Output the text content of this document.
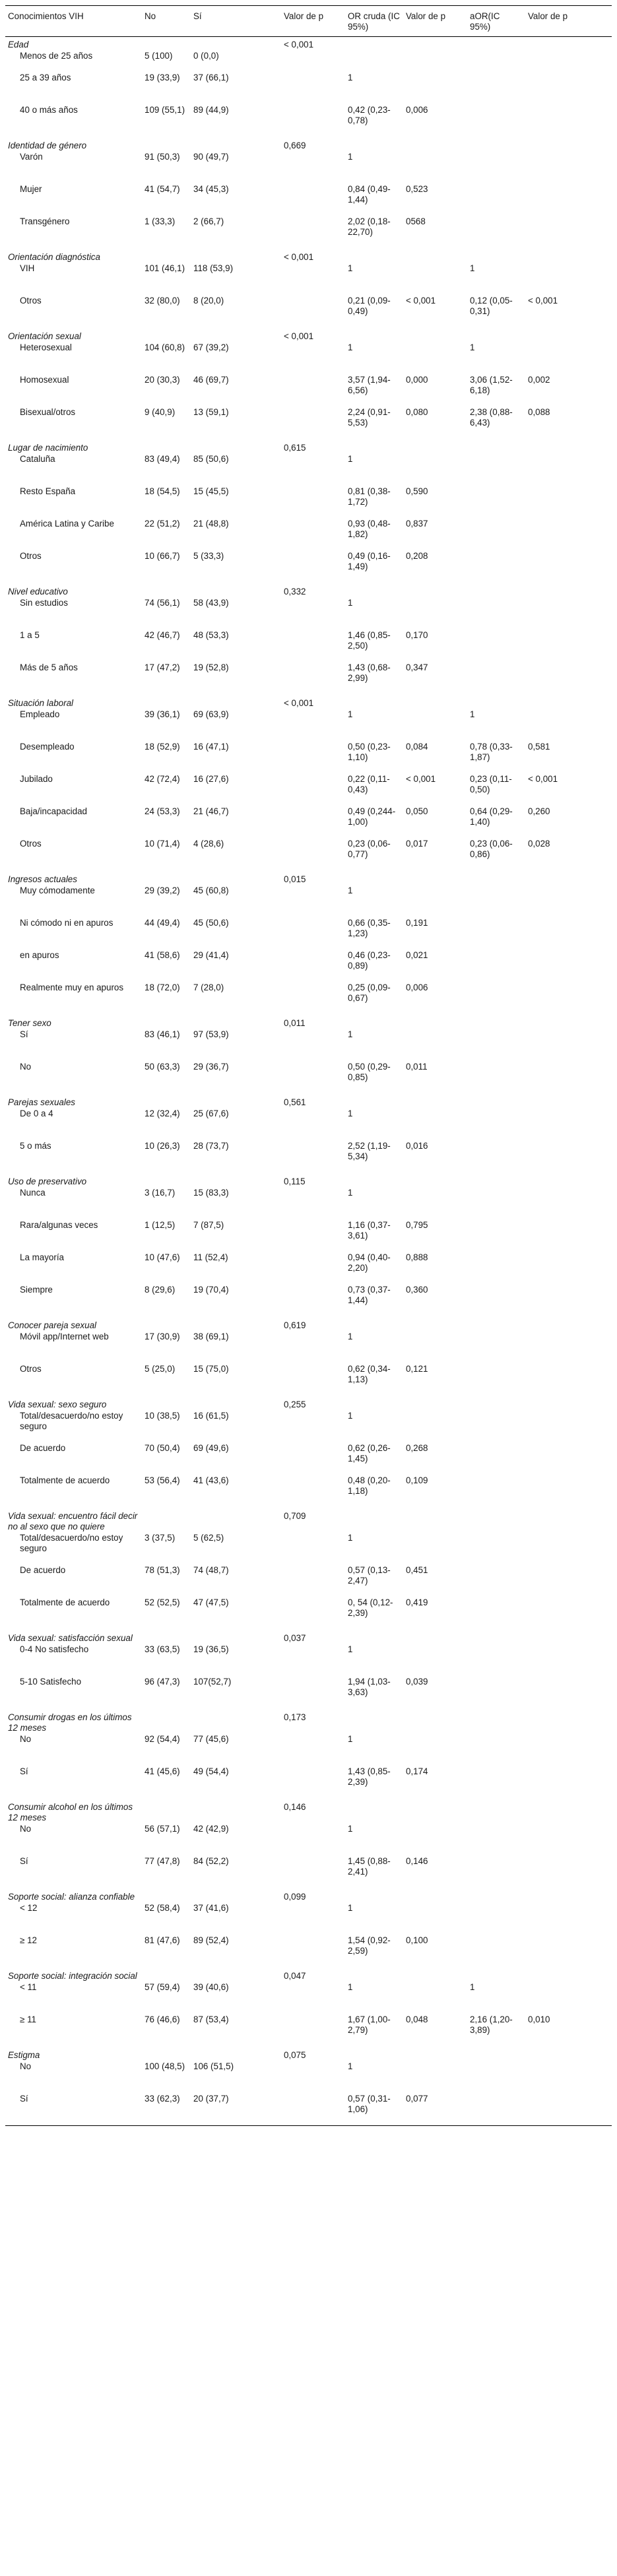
Conocimientos VIH	No	Sí	Valor de p	OR cruda (IC 95%)	Valor de p	aOR(IC 95%)	Valor de p
Edad			< 0,001				
Menos de 25 años	5 (100)	0 (0,0)					
25 a 39 años	19 (33,9)	37 (66,1)		1			
40 o más años	109 (55,1)	89 (44,9)		0,42 (0,23-0,78)	0,006		
Identidad de género			0,669				
Varón	91 (50,3)	90 (49,7)		1			
Mujer	41 (54,7)	34 (45,3)		0,84 (0,49-1,44)	0,523		
Transgénero	1 (33,3)	2 (66,7)		2,02 (0,18-22,70)	0568		
Orientación diagnóstica			< 0,001				
VIH	101 (46,1)	118 (53,9)		1		1	
Otros	32 (80,0)	8 (20,0)		0,21 (0,09-0,49)	< 0,001	0,12 (0,05-0,31)	< 0,001
Orientación sexual			< 0,001				
Heterosexual	104 (60,8)	67 (39,2)		1		1	
Homosexual	20 (30,3)	46 (69,7)		3,57 (1,94-6,56)	0,000	3,06 (1,52-6,18)	0,002
Bisexual/otros	9 (40,9)	13 (59,1)		2,24 (0,91-5,53)	0,080	2,38 (0,88-6,43)	0,088
Lugar de nacimiento			0,615				
Cataluña	83 (49,4)	85 (50,6)		1			
Resto España	18 (54,5)	15 (45,5)		0,81 (0,38-1,72)	0,590		
América Latina y Caribe	22 (51,2)	21 (48,8)		0,93 (0,48-1,82)	0,837		
Otros	10 (66,7)	5 (33,3)		0,49 (0,16-1,49)	0,208		
Nivel educativo			0,332				
Sin estudios	74 (56,1)	58 (43,9)		1			
1 a 5	42 (46,7)	48 (53,3)		1,46 (0,85-2,50)	0,170		
Más de 5 años	17 (47,2)	19 (52,8)		1,43 (0,68-2,99)	0,347		
Situación laboral			< 0,001				
Empleado	39 (36,1)	69 (63,9)		1		1	
Desempleado	18 (52,9)	16 (47,1)		0,50 (0,23-1,10)	0,084	0,78 (0,33-1,87)	0,581
Jubilado	42 (72,4)	16 (27,6)		0,22 (0,11-0,43)	< 0,001	0,23 (0,11-0,50)	< 0,001
Baja/incapacidad	24 (53,3)	21 (46,7)		0,49 (0,244-1,00)	0,050	0,64 (0,29-1,40)	0,260
Otros	10 (71,4)	4 (28,6)		0,23 (0,06-0,77)	0,017	0,23 (0,06-0,86)	0,028
Ingresos actuales			0,015				
Muy cómodamente	29 (39,2)	45 (60,8)		1			
Ni cómodo ni en apuros	44 (49,4)	45 (50,6)		0,66 (0,35-1,23)	0,191		
en apuros	41 (58,6)	29 (41,4)		0,46 (0,23-0,89)	0,021		
Realmente muy en apuros	18 (72,0)	7 (28,0)		0,25 (0,09-0,67)	0,006		
Tener sexo			0,011				
Sí	83 (46,1)	97 (53,9)		1			
No	50 (63,3)	29 (36,7)		0,50 (0,29-0,85)	0,011		
Parejas sexuales			0,561				
De 0 a 4	12 (32,4)	25 (67,6)		1			
5 o más	10 (26,3)	28 (73,7)		2,52 (1,19-5,34)	0,016		
Uso de preservativo			0,115				
Nunca	3 (16,7)	15 (83,3)		1			
Rara/algunas veces	1 (12,5)	7 (87,5)		1,16 (0,37-3,61)	0,795		
La mayoría	10 (47,6)	11 (52,4)		0,94 (0,40-2,20)	0,888		
Siempre	8 (29,6)	19 (70,4)		0,73 (0,37-1,44)	0,360		
Conocer pareja sexual			0,619				
Móvil app/Internet web	17 (30,9)	38 (69,1)		1			
Otros	5 (25,0)	15 (75,0)		0,62 (0,34-1,13)	0,121		
Vida sexual: sexo seguro			0,255				
Total/desacuerdo/no estoy seguro	10 (38,5)	16 (61,5)		1			
De acuerdo	70 (50,4)	69 (49,6)		0,62 (0,26-1,45)	0,268		
Totalmente de acuerdo	53 (56,4)	41 (43,6)		0,48 (0,20-1,18)	0,109		
Vida sexual: encuentro fácil decir no al sexo que no quiere			0,709				
Total/desacuerdo/no estoy seguro	3 (37,5)	5 (62,5)		1			
De acuerdo	78 (51,3)	74 (48,7)		0,57 (0,13-2,47)	0,451		
Totalmente de acuerdo	52 (52,5)	47 (47,5)		0, 54 (0,12-2,39)	0,419		
Vida sexual: satisfacción sexual			0,037				
0-4 No satisfecho	33 (63,5)	19 (36,5)		1			
5-10 Satisfecho	96 (47,3)	107(52,7)		1,94 (1,03-3,63)	0,039		
Consumir drogas en los últimos 12 meses			0,173				
No	92 (54,4)	77 (45,6)		1			
Sí	41 (45,6)	49 (54,4)		1,43 (0,85-2,39)	0,174		
Consumir alcohol en los últimos 12 meses			0,146				
No	56 (57,1)	42 (42,9)		1			
Sí	77 (47,8)	84 (52,2)		1,45 (0,88-2,41)	0,146		
Soporte social: alianza confiable			0,099				
< 12	52 (58,4)	37 (41,6)		1			
≥ 12	81 (47,6)	89 (52,4)		1,54 (0,92-2,59)	0,100		
Soporte social: integración social			0,047				
< 11	57 (59,4)	39 (40,6)		1		1	
≥ 11	76 (46,6)	87 (53,4)		1,67 (1,00-2,79)	0,048	2,16 (1,20-3,89)	0,010
Estigma			0,075				
No	100 (48,5)	106 (51,5)		1			
Sí	33 (62,3)	20 (37,7)		0,57 (0,31-1,06)	0,077		
